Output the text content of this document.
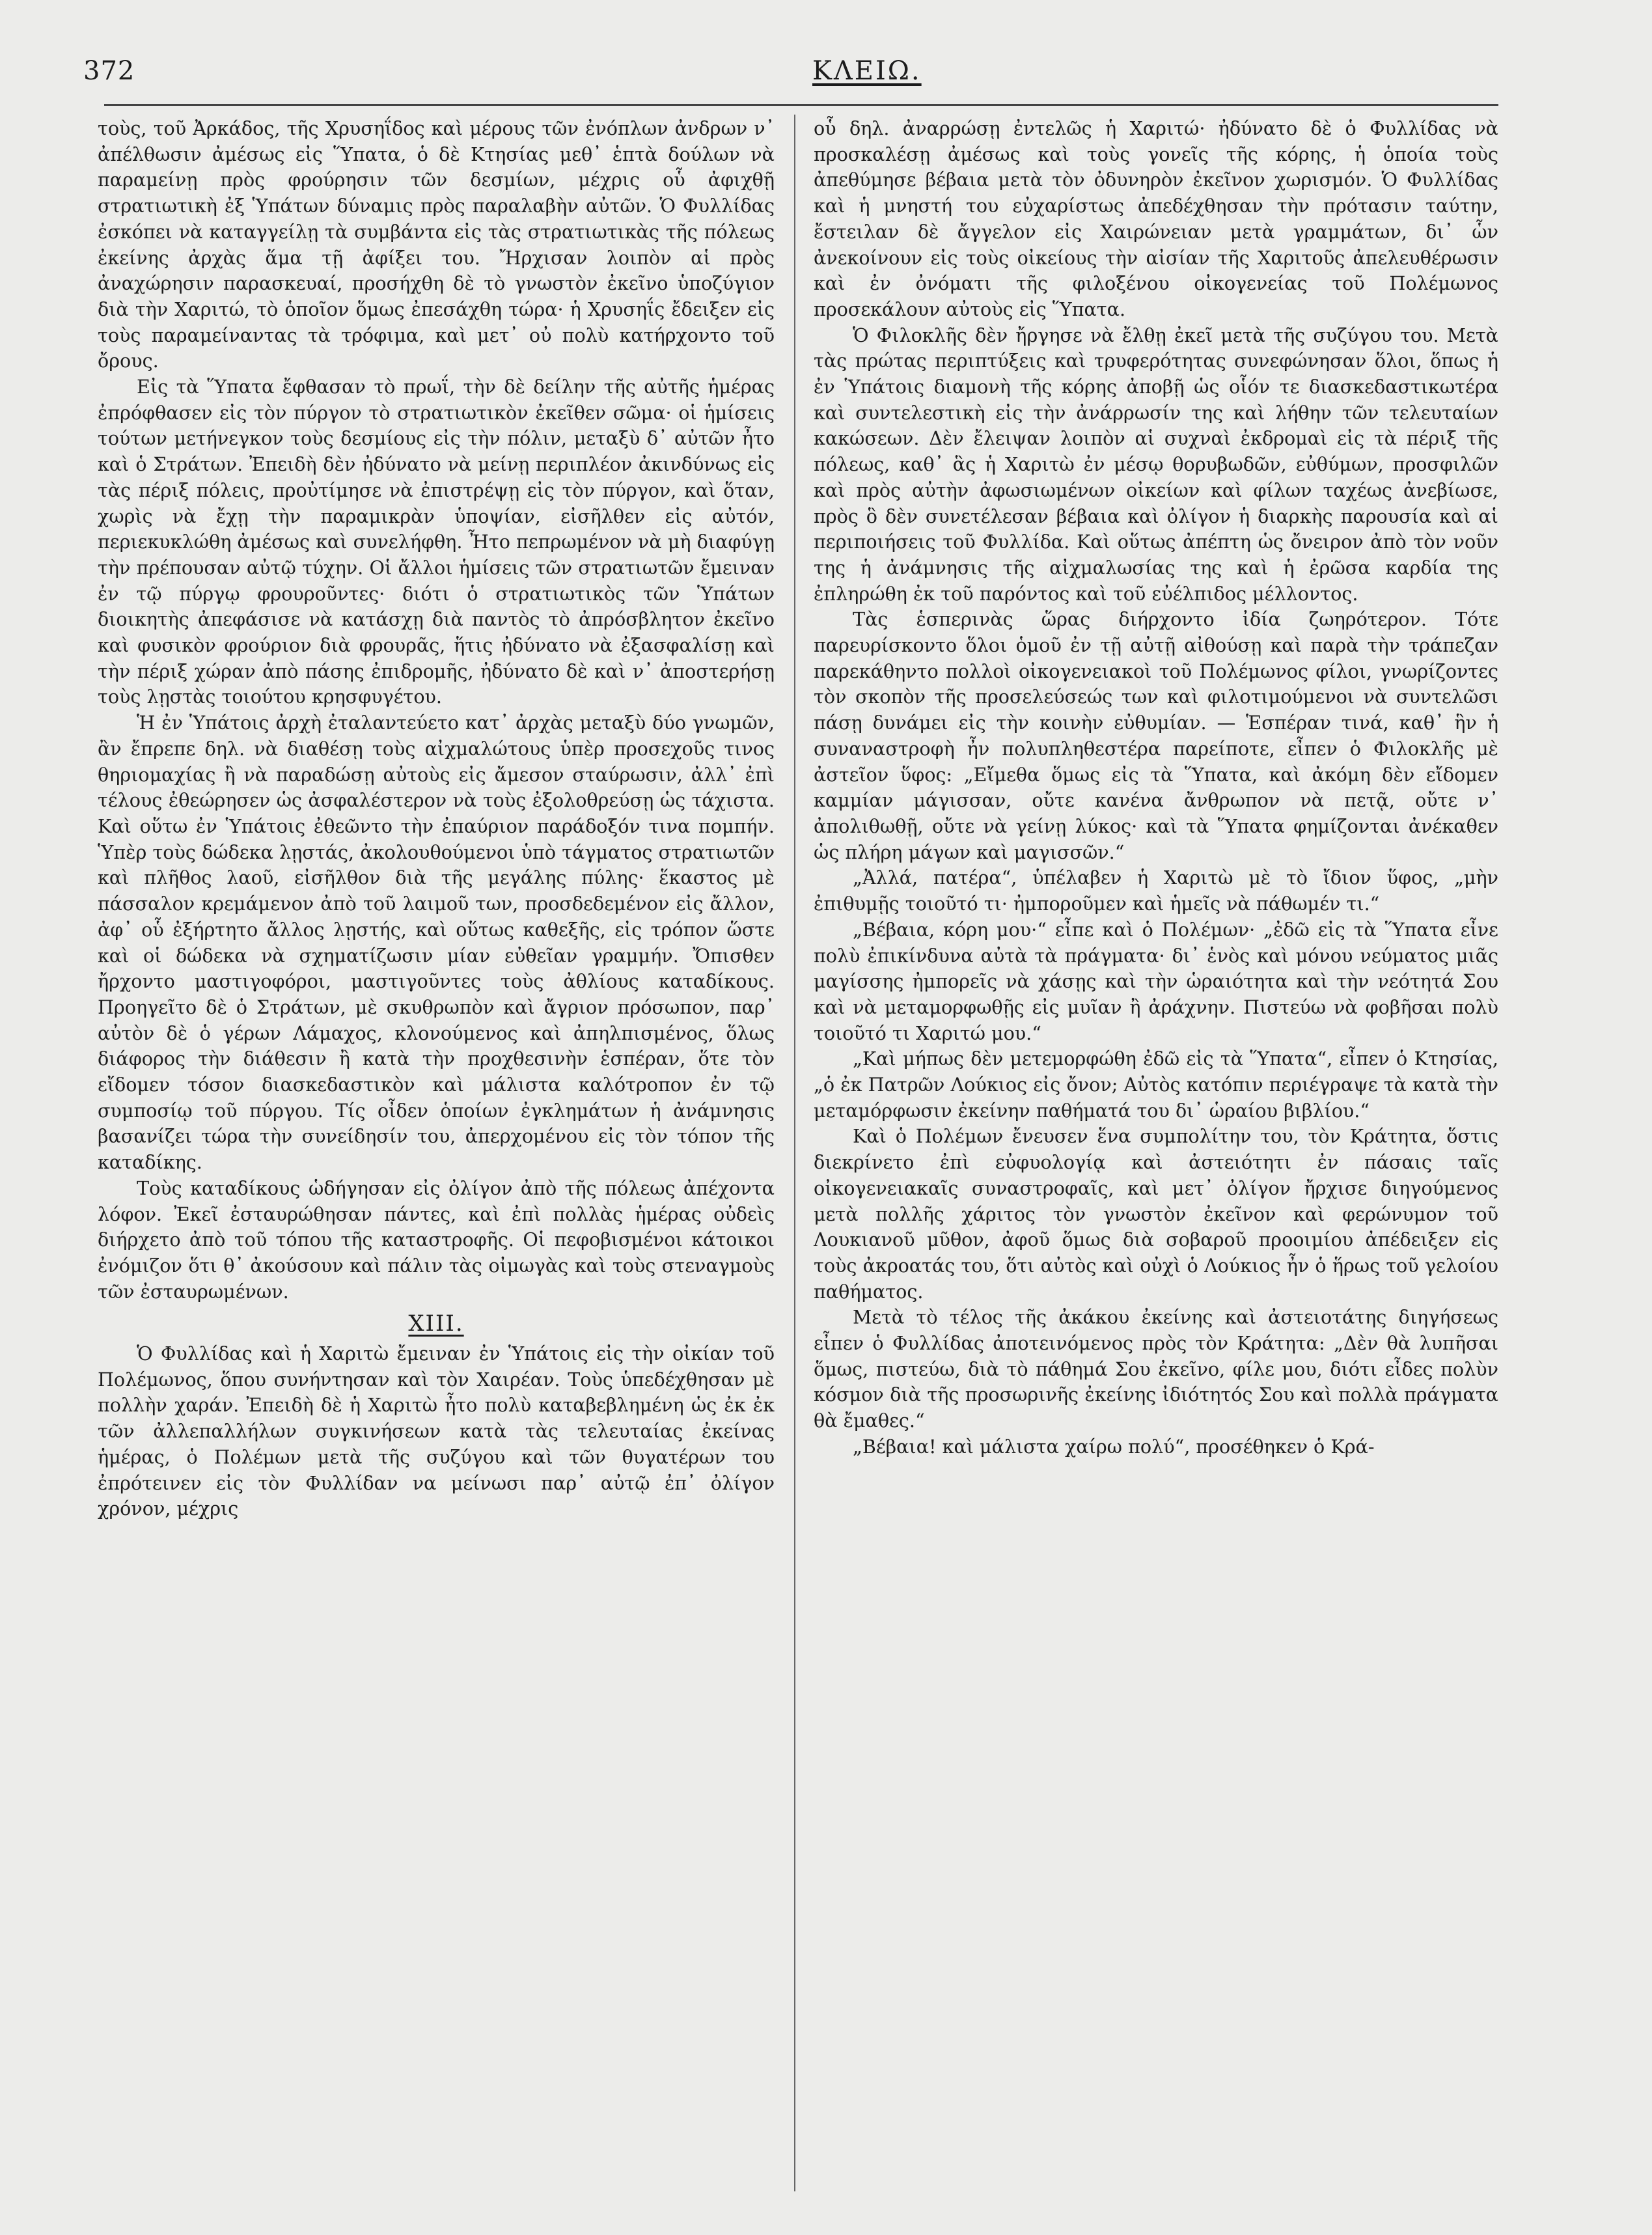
372	ΚΛΕΙΩ.

τοὺς, τοῦ Ἀρκάδος, τῆς Χρυσηΐδος καὶ μέρους τῶν ἐνόπλων ἀνδρων ν᾽ ἀπέλθωσιν ἀμέσως εἰς Ὕπατα, ὁ δὲ Κτησίας μεθ᾽ ἑπτὰ δούλων νὰ παραμείνῃ πρὸς φρούρησιν τῶν δεσμίων, μέχρις οὗ ἀφιχθῇ στρατιωτικὴ ἐξ Ὑπάτων δύναμις πρὸς παραλαβὴν αὐτῶν. Ὁ Φυλλίδας ἐσκόπει νὰ καταγγείλῃ τὰ συμβάντα εἰς τὰς στρατιωτικὰς τῆς πόλεως ἐκείνης ἀρχὰς ἅμα τῇ ἀφίξει του. Ἤρχισαν λοιπὸν αἱ πρὸς ἀναχώρησιν παρασκευαί, προσήχθη δὲ τὸ γνωστὸν ἐκεῖνο ὑποζύγιον διὰ τὴν Χαριτώ, τὸ ὁποῖον ὅμως ἐπεσάχθη τώρα· ἡ Χρυσηΐς ἔδειξεν εἰς τοὺς παραμείναντας τὰ τρόφιμα, καὶ μετ᾽ οὐ πολὺ κατήρχοντο τοῦ ὄρους.

Εἰς τὰ Ὕπατα ἔφθασαν τὸ πρωΐ, τὴν δὲ δείλην τῆς αὐτῆς ἡμέρας ἐπρόφθασεν εἰς τὸν πύργον τὸ στρατιωτικὸν ἐκεῖθεν σῶμα· οἱ ἡμίσεις τούτων μετήνεγκον τοὺς δεσμίους εἰς τὴν πόλιν, μεταξὺ δ᾽ αὐτῶν ἦτο καὶ ὁ Στράτων. Ἐπειδὴ δὲν ἠδύνατο νὰ μείνῃ περιπλέον ἀκινδύνως εἰς τὰς πέριξ πόλεις, προὐτίμησε νὰ ἐπιστρέψῃ εἰς τὸν πύργον, καὶ ὅταν, χωρὶς νὰ ἔχῃ τὴν παραμικρὰν ὑποψίαν, εἰσῆλθεν εἰς αὐτόν, περιεκυκλώθη ἀμέσως καὶ συνελήφθη. Ἦτο πεπρωμένον νὰ μὴ διαφύγῃ τὴν πρέπουσαν αὐτῷ τύχην. Οἱ ἄλλοι ἡμίσεις τῶν στρατιωτῶν ἔμειναν ἐν τῷ πύργῳ φρουροῦντες· διότι ὁ στρατιωτικὸς τῶν Ὑπάτων διοικητὴς ἀπεφάσισε νὰ κατάσχῃ διὰ παντὸς τὸ ἀπρόσβλητον ἐκεῖνο καὶ φυσικὸν φρούριον διὰ φρουρᾶς, ἥτις ἠδύνατο νὰ ἐξασφαλίσῃ καὶ τὴν πέριξ χώραν ἀπὸ πάσης ἐπιδρομῆς, ἠδύνατο δὲ καὶ ν᾽ ἀποστερήσῃ τοὺς λῃστὰς τοιούτου κρησφυγέτου.

Ἡ ἐν Ὑπάτοις ἀρχὴ ἐταλαντεύετο κατ᾽ ἀρχὰς μεταξὺ δύο γνωμῶν, ἂν ἔπρεπε δηλ. νὰ διαθέσῃ τοὺς αἰχμαλώτους ὑπὲρ προσεχοῦς τινος θηριομαχίας ἢ νὰ παραδώσῃ αὐτοὺς εἰς ἄμεσον σταύρωσιν, ἀλλ᾽ ἐπὶ τέλους ἐθεώρησεν ὡς ἀσφαλέστερον νὰ τοὺς ἐξολοθρεύσῃ ὡς τάχιστα. Καὶ οὕτω ἐν Ὑπάτοις ἐθεῶντο τὴν ἐπαύριον παράδοξόν τινα πομπήν. Ὑπὲρ τοὺς δώδεκα λῃστάς, ἀκολουθούμενοι ὑπὸ τάγματος στρατιωτῶν καὶ πλῆθος λαοῦ, εἰσῆλθον διὰ τῆς μεγάλης πύλης· ἕκαστος μὲ πάσσαλον κρεμάμενον ἀπὸ τοῦ λαιμοῦ των, προσδεδεμένον εἰς ἄλλον, ἀφ᾽ οὗ ἐξήρτητο ἄλλος λῃστής, καὶ οὕτως καθεξῆς, εἰς τρόπον ὥστε καὶ οἱ δώδεκα νὰ σχηματίζωσιν μίαν εὐθεῖαν γραμμήν. Ὄπισθεν ἤρχοντο μαστιγοφόροι, μαστιγοῦντες τοὺς ἀθλίους καταδίκους. Προηγεῖτο δὲ ὁ Στράτων, μὲ σκυθρωπὸν καὶ ἄγριον πρόσωπον, παρ᾽ αὐτὸν δὲ ὁ γέρων Λάμαχος, κλονούμενος καὶ ἀπηλπισμένος, ὅλως διάφορος τὴν διάθεσιν ἢ κατὰ τὴν προχθεσινὴν ἑσπέραν, ὅτε τὸν εἴδομεν τόσον διασκεδαστικὸν καὶ μάλιστα καλότροπον ἐν τῷ συμποσίῳ τοῦ πύργου. Τίς οἶδεν ὁποίων ἐγκλημάτων ἡ ἀνάμνησις βασανίζει τώρα τὴν συνείδησίν του, ἀπερχομένου εἰς τὸν τόπον τῆς καταδίκης.

Τοὺς καταδίκους ὡδήγησαν εἰς ὀλίγον ἀπὸ τῆς πόλεως ἀπέχοντα λόφον. Ἐκεῖ ἐσταυρώθησαν πάντες, καὶ ἐπὶ πολλὰς ἡμέρας οὐδεὶς διήρχετο ἀπὸ τοῦ τόπου τῆς καταστροφῆς. Οἱ πεφοβισμένοι κάτοικοι ἐνόμιζον ὅτι θ᾽ ἀκούσουν καὶ πάλιν τὰς οἰμωγὰς καὶ τοὺς στεναγμοὺς τῶν ἐσταυρωμένων.

XIII.

Ὁ Φυλλίδας καὶ ἡ Χαριτὼ ἔμειναν ἐν Ὑπάτοις εἰς τὴν οἰκίαν τοῦ Πολέμωνος, ὅπου συνήντησαν καὶ τὸν Χαιρέαν. Τοὺς ὑπεδέχθησαν μὲ πολλὴν χαράν. Ἐπειδὴ δὲ ἡ Χαριτὼ ἦτο πολὺ καταβεβλημένη ὡς ἐκ ἐκ τῶν ἀλλεπαλλήλων συγκινήσεων κατὰ τὰς τελευταίας ἐκείνας ἡμέρας, ὁ Πολέμων μετὰ τῆς συζύγου καὶ τῶν θυγατέρων του ἐπρότεινεν εἰς τὸν Φυλλίδαν να μείνωσι παρ᾽ αὐτῷ ἐπ᾽ ὀλίγον χρόνον, μέχρις

οὗ δηλ. ἀναρρώσῃ ἐντελῶς ἡ Χαριτώ· ἠδύνατο δὲ ὁ Φυλλίδας νὰ προσκαλέσῃ ἀμέσως καὶ τοὺς γονεῖς τῆς κόρης, ἡ ὁποία τοὺς ἀπεθύμησε βέβαια μετὰ τὸν ὀδυνηρὸν ἐκεῖνον χωρισμόν. Ὁ Φυλλίδας καὶ ἡ μνηστή του εὐχαρίστως ἀπεδέχθησαν τὴν πρότασιν ταύτην, ἔστειλαν δὲ ἄγγελον εἰς Χαιρώνειαν μετὰ γραμμάτων, δι᾽ ὧν ἀνεκοίνουν εἰς τοὺς οἰκείους τὴν αἰσίαν τῆς Χαριτοῦς ἀπελευθέρωσιν καὶ ἐν ὀνόματι τῆς φιλοξένου οἰκογενείας τοῦ Πολέμωνος προσεκάλουν αὐτοὺς εἰς Ὕπατα.

Ὁ Φιλοκλῆς δὲν ἤργησε νὰ ἔλθῃ ἐκεῖ μετὰ τῆς συζύγου του. Μετὰ τὰς πρώτας περιπτύξεις καὶ τρυφερότητας συνεφώνησαν ὅλοι, ὅπως ἡ ἐν Ὑπάτοις διαμονὴ τῆς κόρης ἀποβῇ ὡς οἷόν τε διασκεδαστικωτέρα καὶ συντελεστικὴ εἰς τὴν ἀνάρρωσίν της καὶ λήθην τῶν τελευταίων κακώσεων. Δὲν ἔλειψαν λοιπὸν αἱ συχναὶ ἐκδρομαὶ εἰς τὰ πέριξ τῆς πόλεως, καθ᾽ ἃς ἡ Χαριτὼ ἐν μέσῳ θορυβωδῶν, εὐθύμων, προσφιλῶν καὶ πρὸς αὐτὴν ἀφωσιωμένων οἰκείων καὶ φίλων ταχέως ἀνεβίωσε, πρὸς ὃ δὲν συνετέλεσαν βέβαια καὶ ὀλίγον ἡ διαρκὴς παρουσία καὶ αἱ περιποιήσεις τοῦ Φυλλίδα. Καὶ οὕτως ἀπέπτη ὡς ὄνειρον ἀπὸ τὸν νοῦν της ἡ ἀνάμνησις τῆς αἰχμαλωσίας της καὶ ἡ ἐρῶσα καρδία της ἐπληρώθη ἐκ τοῦ παρόντος καὶ τοῦ εὐέλπιδος μέλλοντος.

Τὰς ἑσπερινὰς ὥρας διήρχοντο ἰδία ζωηρότερον. Τότε παρευρίσκοντο ὅλοι ὁμοῦ ἐν τῇ αὐτῇ αἰθούσῃ καὶ παρὰ τὴν τράπεζαν παρεκάθηντο πολλοὶ οἰκογενειακοὶ τοῦ Πολέμωνος φίλοι, γνωρίζοντες τὸν σκοπὸν τῆς προσελεύσεώς των καὶ φιλοτιμούμενοι νὰ συντελῶσι πάσῃ δυνάμει εἰς τὴν κοινὴν εὐθυμίαν. — Ἑσπέραν τινά, καθ᾽ ἣν ἡ συναναστροφὴ ἦν πολυπληθεστέρα παρείποτε, εἶπεν ὁ Φιλοκλῆς μὲ ἀστεῖον ὕφος: „Εἴμεθα ὅμως εἰς τὰ Ὕπατα, καὶ ἀκόμη δὲν εἴδομεν καμμίαν μάγισσαν, οὔτε κανένα ἄνθρωπον νὰ πετᾷ, οὔτε ν᾽ ἀπολιθωθῇ, οὔτε νὰ γείνῃ λύκος· καὶ τὰ Ὕπατα φημίζονται ἀνέκαθεν ὡς πλήρη μάγων καὶ μαγισσῶν.“

„Ἀλλά, πατέρα“, ὑπέλαβεν ἡ Χαριτὼ μὲ τὸ ἴδιον ὕφος, „μὴν ἐπιθυμῇς τοιοῦτό τι· ἠμποροῦμεν καὶ ἡμεῖς νὰ πάθωμέν τι.“

„Βέβαια, κόρη μου·“ εἶπε καὶ ὁ Πολέμων· „ἐδῶ εἰς τὰ Ὕπατα εἶνε πολὺ ἐπικίνδυνα αὐτὰ τὰ πράγματα· δι᾽ ἑνὸς καὶ μόνου νεύματος μιᾶς μαγίσσης ἠμπορεῖς νὰ χάσῃς καὶ τὴν ὡραιότητα καὶ τὴν νεότητά Σου καὶ νὰ μεταμορφωθῇς εἰς μυῖαν ἢ ἀράχνην. Πιστεύω νὰ φοβῆσαι πολὺ τοιοῦτό τι Χαριτώ μου.“

„Καὶ μήπως δὲν μετεμορφώθη ἐδῶ εἰς τὰ Ὕπατα“, εἶπεν ὁ Κτησίας, „ὁ ἐκ Πατρῶν Λούκιος εἰς ὄνον; Αὐτὸς κατόπιν περιέγραψε τὰ κατὰ τὴν μεταμόρφωσιν ἐκείνην παθήματά του δι᾽ ὡραίου βιβλίου.“

Καὶ ὁ Πολέμων ἔνευσεν ἕνα συμπολίτην του, τὸν Κράτητα, ὅστις διεκρίνετο ἐπὶ εὐφυολογίᾳ καὶ ἀστειότητι ἐν πάσαις ταῖς οἰκογενειακαῖς συναστροφαῖς, καὶ μετ᾽ ὀλίγον ἤρχισε διηγούμενος μετὰ πολλῆς χάριτος τὸν γνωστὸν ἐκεῖνον καὶ φερώνυμον τοῦ Λουκιανοῦ μῦθον, ἀφοῦ ὅμως διὰ σοβαροῦ προοιμίου ἀπέδειξεν εἰς τοὺς ἀκροατάς του, ὅτι αὐτὸς καὶ οὐχὶ ὁ Λούκιος ἦν ὁ ἥρως τοῦ γελοίου παθήματος.

Μετὰ τὸ τέλος τῆς ἀκάκου ἐκείνης καὶ ἀστειοτάτης διηγήσεως εἶπεν ὁ Φυλλίδας ἀποτεινόμενος πρὸς τὸν Κράτητα: „Δὲν θὰ λυπῆσαι ὅμως, πιστεύω, διὰ τὸ πάθημά Σου ἐκεῖνο, φίλε μου, διότι εἶδες πολὺν κόσμον διὰ τῆς προσωρινῆς ἐκείνης ἰδιότητός Σου καὶ πολλὰ πράγματα θὰ ἔμαθες.“

„Βέβαια! καὶ μάλιστα χαίρω πολύ“, προσέθηκεν ὁ Κρά-
